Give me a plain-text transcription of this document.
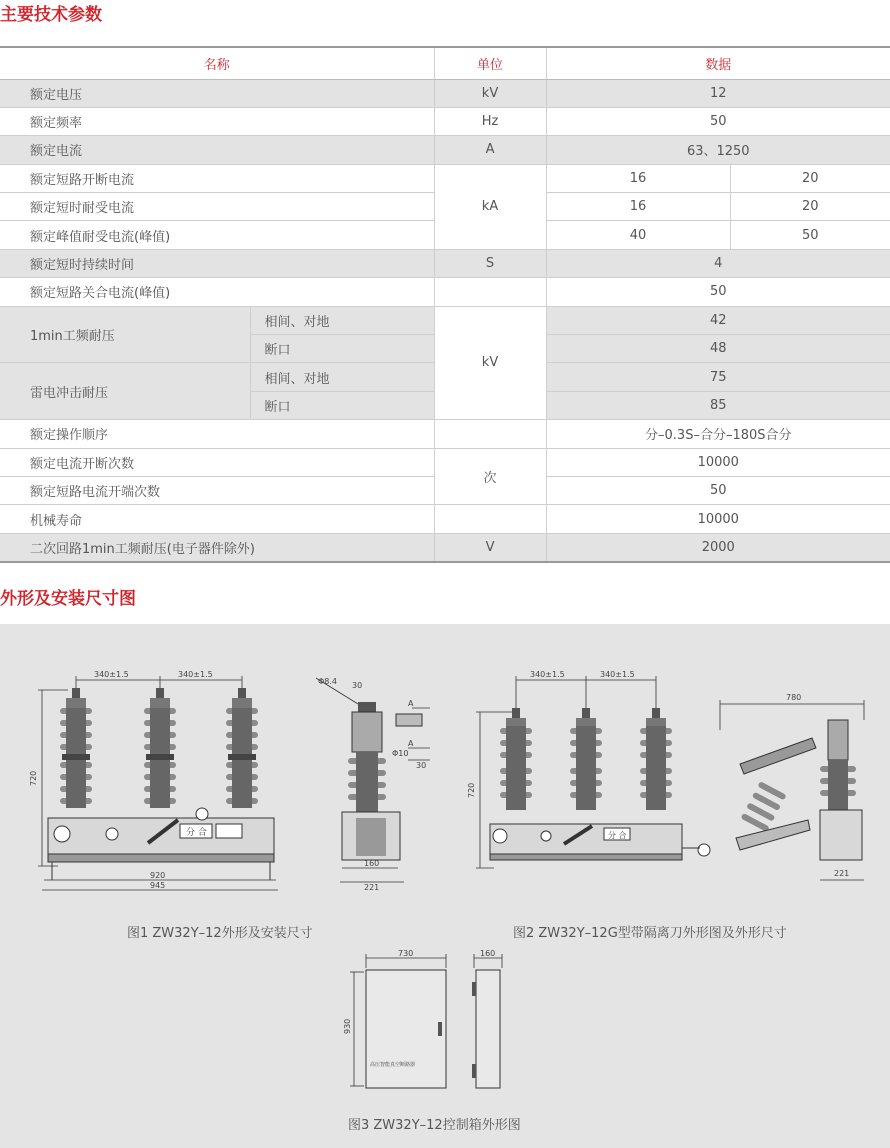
主要技术参数
名称		单位	数据	
额定电压		kV	12	
额定频率		Hz	50	
额定电流		A	63、1250	
额定短路开断电流		kA	16	20
额定短时耐受电流			16	20
额定峰值耐受电流(峰值)			40	50
额定短时持续时间		S	4	
额定短路关合电流(峰值)			50	
1min工频耐压	相间、对地	kV	42	
	断口		48	
雷电冲击耐压	相间、对地		75	
	断口		85	
额定操作顺序			分–0.3S–合分–180S合分	
额定电流开断次数		次	10000	
额定短路电流开端次数			50	
机械寿命			10000	
二次回路1min工频耐压(电子器件除外)		V	2000	
外形及安装尺寸图
分 合
340±1.5	340±1.5
720
920
945
Φ8.4 30
A
A
Φ10
30
160
221
分 合
340±1.5	340±1.5
720
780
221
图1 ZW32Y–12外形及安装尺寸	图2 ZW32Y–12G型带隔离刀外形图及外形尺寸
高压智能真空断路器
730
930
160
图3 ZW32Y–12控制箱外形图
